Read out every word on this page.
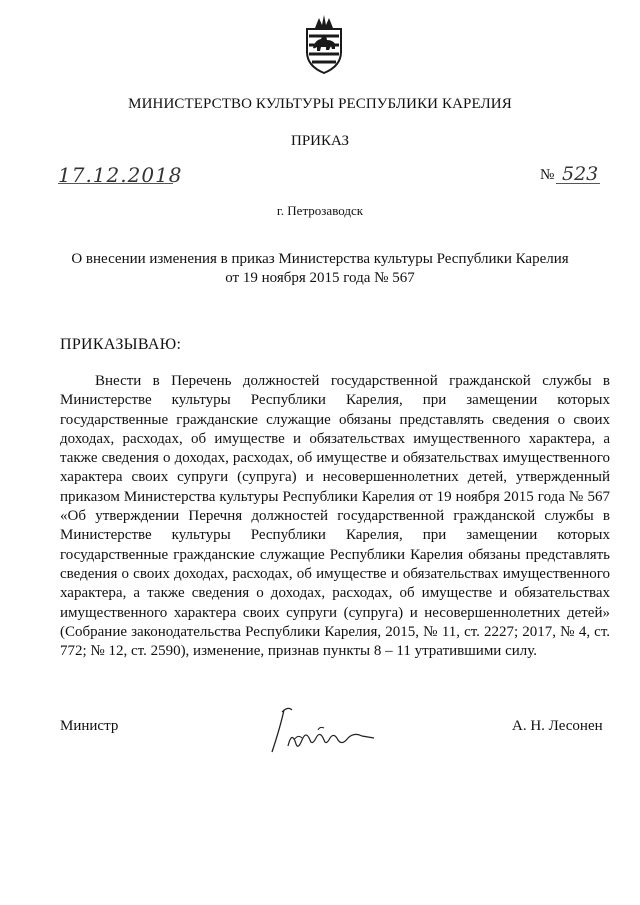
МИНИСТЕРСТВО КУЛЬТУРЫ РЕСПУБЛИКИ КАРЕЛИЯ
ПРИКАЗ
17.12.2018	№ 523
г. Петрозаводск
О внесении изменения в приказ Министерства культуры Республики Карелия
от 19 ноября 2015 года № 567
ПРИКАЗЫВАЮ:
Внести в Перечень должностей государственной гражданской службы в Министерстве культуры Республики Карелия, при замещении которых государственные гражданские служащие обязаны представлять сведения о своих доходах, расходах, об имуществе и обязательствах имущественного характера, а также сведения о доходах, расходах, об имуществе и обязательствах имущественного характера своих супруги (супруга) и несовершеннолетних детей, утвержденный приказом Министерства культуры Республики Карелия от 19 ноября 2015 года № 567 «Об утверждении Перечня должностей государственной гражданской службы в Министерстве культуры Республики Карелия, при замещении которых государственные гражданские служащие Республики Карелия обязаны представлять сведения о своих доходах, расходах, об имуществе и обязательствах имущественного характера, а также сведения о доходах, расходах, об имуществе и обязательствах имущественного характера своих супруги (супруга) и несовершеннолетних детей» (Собрание законодательства Республики Карелия, 2015, № 11, ст. 2227; 2017, № 4, ст. 772; № 12, ст. 2590), изменение, признав пункты 8 – 11 утратившими силу.
Министр	А. Н. Лесонен
